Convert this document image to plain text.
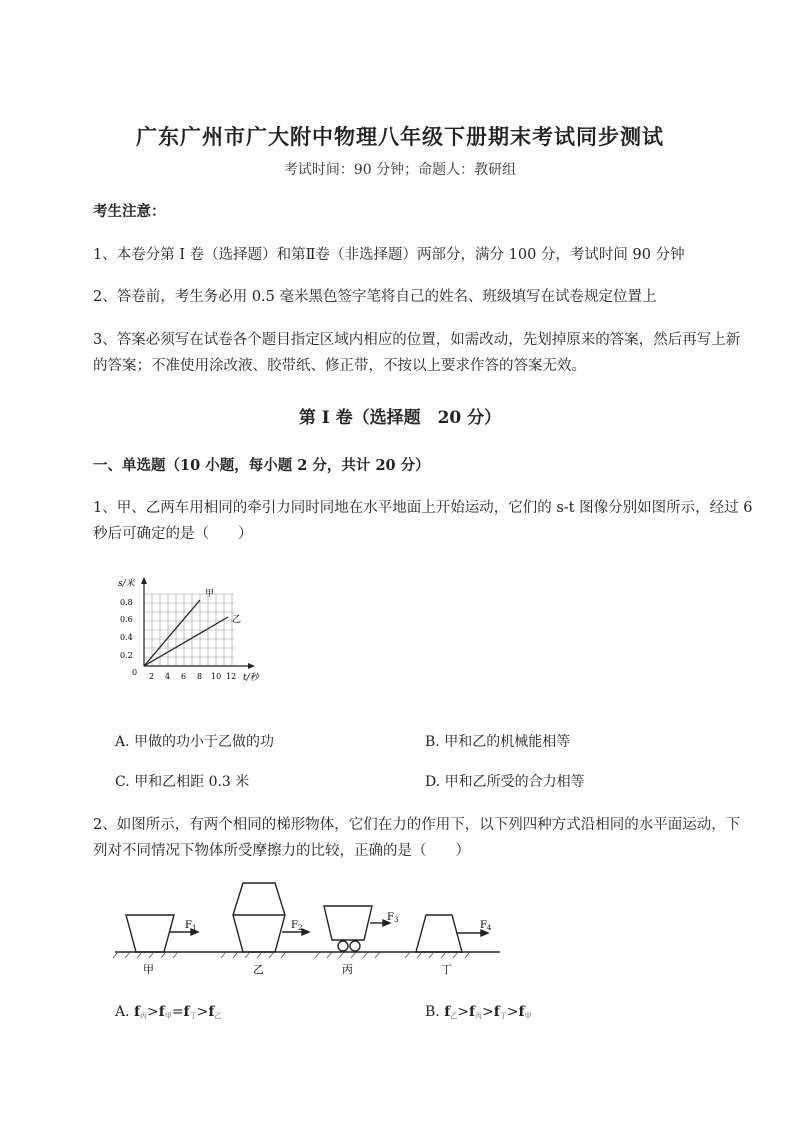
广东广州市广大附中物理八年级下册期末考试同步测试
考试时间：90 分钟；命题人：教研组
考生注意：
1、本卷分第 I 卷（选择题）和第Ⅱ卷（非选择题）两部分，满分 100 分，考试时间 90 分钟
2、答卷前，考生务必用 0.5 毫米黑色签字笔将自己的姓名、班级填写在试卷规定位置上
3、答案必须写在试卷各个题目指定区域内相应的位置，如需改动，先划掉原来的答案，然后再写上新的答案；不准使用涂改液、胶带纸、修正带，不按以上要求作答的答案无效。
第 I 卷（选择题　20 分）
一、单选题（10 小题，每小题 2 分，共计 20 分）
1、甲、乙两车用相同的牵引力同时同地在水平地面上开始运动，它们的 s-t 图像分别如图所示，经过 6 秒后可确定的是（　　）
s/米
0.8
0.6
0.4
0.2
0 2 4 6 8 10 12 t/秒
甲
乙
A. 甲做的功小于乙做的功	B. 甲和乙的机械能相等
C. 甲和乙相距 0.3 米	D. 甲和乙所受的合力相等
2、如图所示，有两个相同的梯形物体，它们在力的作用下，以下列四种方式沿相同的水平面运动，下列对不同情况下物体所受摩擦力的比较，正确的是（　　）
$F_1$	$F_2$
$F_3$	$F_4$
甲	乙	丙	丁
A. $f_丙>f_甲=f_丁>f_乙$	B. $f_乙>f_丙>f_丁>f_甲$
